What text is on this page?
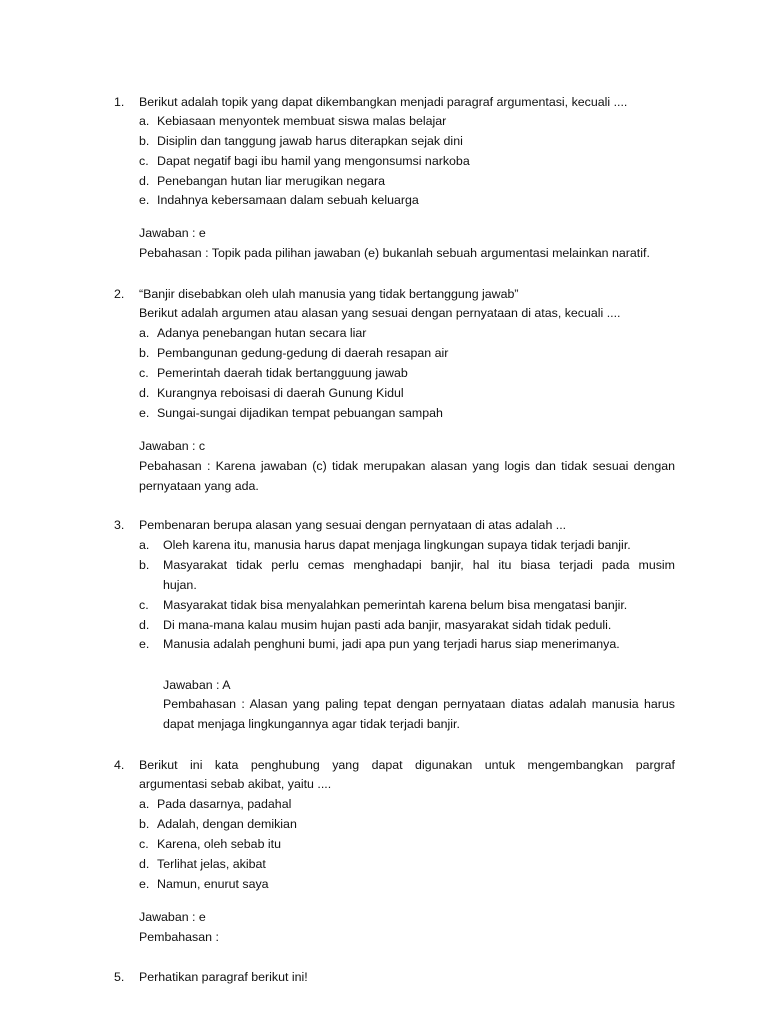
1. Berikut adalah topik yang dapat dikembangkan menjadi paragraf argumentasi, kecuali ....
a. Kebiasaan menyontek membuat siswa malas belajar
b. Disiplin dan tanggung jawab harus diterapkan sejak dini
c. Dapat negatif bagi ibu hamil yang mengonsumsi narkoba
d. Penebangan hutan liar merugikan negara
e. Indahnya kebersamaan dalam sebuah keluarga
Jawaban : e
Pebahasan : Topik pada pilihan jawaban (e) bukanlah sebuah argumentasi melainkan naratif.
2. “Banjir disebabkan oleh ulah manusia yang tidak bertanggung jawab”
Berikut adalah argumen atau alasan yang sesuai dengan pernyataan di atas, kecuali ....
a. Adanya penebangan hutan secara liar
b. Pembangunan gedung-gedung di daerah resapan air
c. Pemerintah daerah tidak bertangguung jawab
d. Kurangnya reboisasi di daerah Gunung Kidul
e. Sungai-sungai dijadikan tempat pebuangan sampah
Jawaban : c
Pebahasan : Karena jawaban (c) tidak merupakan alasan yang logis dan tidak sesuai dengan
pernyataan yang ada.
3. Pembenaran berupa alasan yang sesuai dengan pernyataan di atas adalah ...
a. Oleh karena itu, manusia harus dapat menjaga lingkungan supaya tidak terjadi banjir.
b. Masyarakat tidak perlu cemas menghadapi banjir, hal itu biasa terjadi pada musim
hujan.
c. Masyarakat tidak bisa menyalahkan pemerintah karena belum bisa mengatasi banjir.
d. Di mana-mana kalau musim hujan pasti ada banjir, masyarakat sidah tidak peduli.
e. Manusia adalah penghuni bumi, jadi apa pun yang terjadi harus siap menerimanya.
Jawaban : A
Pembahasan : Alasan yang paling tepat dengan pernyataan diatas adalah manusia harus
dapat menjaga lingkungannya agar tidak terjadi banjir.
4. Berikut ini kata penghubung yang dapat digunakan untuk mengembangkan pargraf
argumentasi sebab akibat, yaitu ....
a. Pada dasarnya, padahal
b. Adalah, dengan demikian
c. Karena, oleh sebab itu
d. Terlihat jelas, akibat
e. Namun, enurut saya
Jawaban : e
Pembahasan :
5. Perhatikan paragraf berikut ini!
